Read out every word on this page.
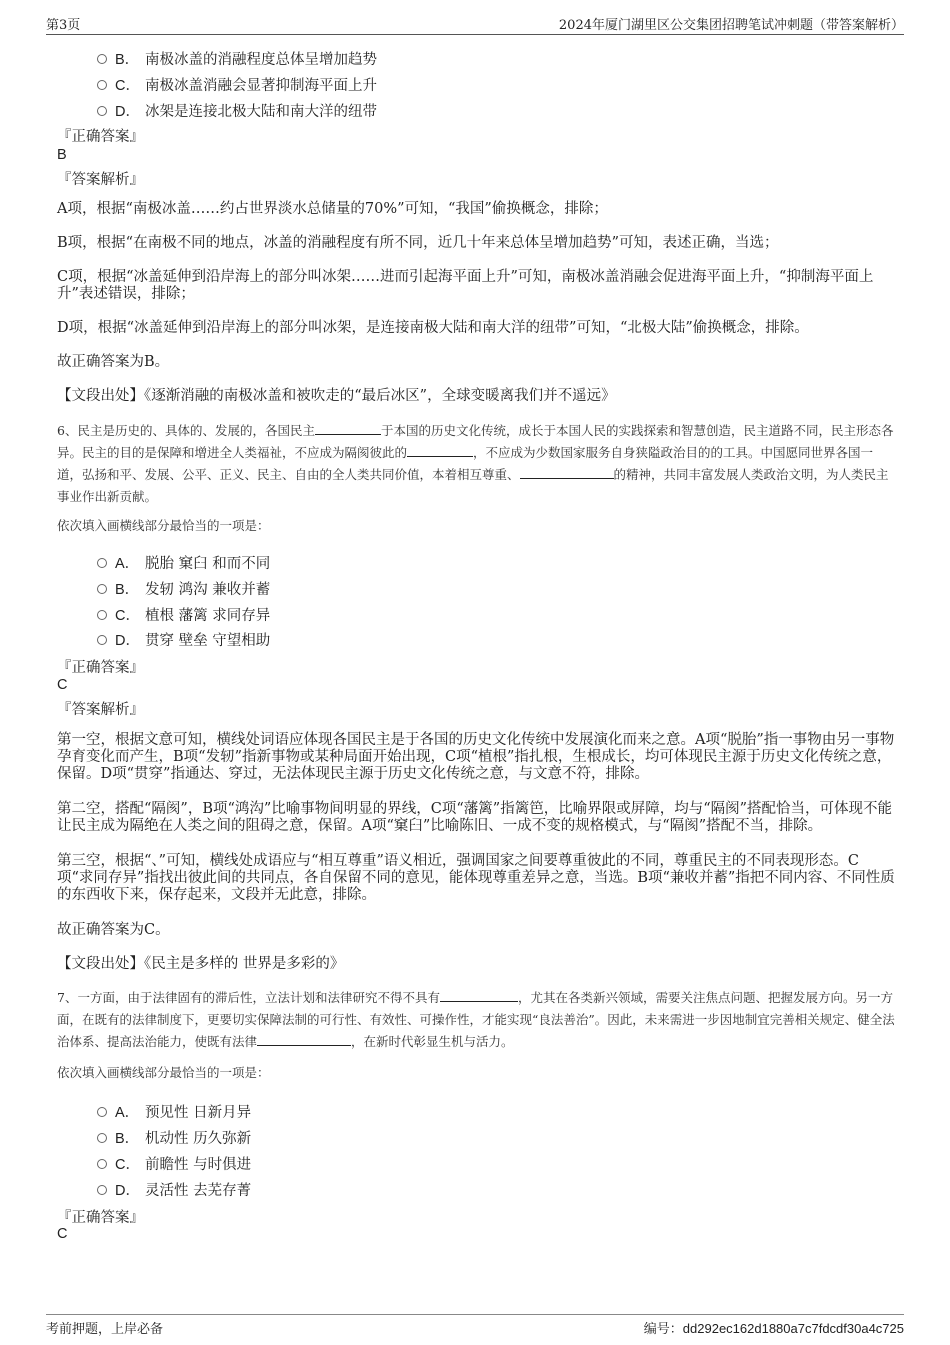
第3页	2024年厦门湖里区公交集团招聘笔试冲刺题（带答案解析）
B． 南极冰盖的消融程度总体呈增加趋势
C． 南极冰盖消融会显著抑制海平面上升
D． 冰架是连接北极大陆和南大洋的纽带
『正确答案』
B
『答案解析』
A项，根据“南极冰盖……约占世界淡水总储量的70%”可知，“我国”偷换概念，排除；
B项，根据“在南极不同的地点，冰盖的消融程度有所不同，近几十年来总体呈增加趋势”可知，表述正确，当选；
C项，根据“冰盖延伸到沿岸海上的部分叫冰架……进而引起海平面上升”可知，南极冰盖消融会促进海平面上升，“抑制海平面上升”表述错误，排除；
D项，根据“冰盖延伸到沿岸海上的部分叫冰架，是连接南极大陆和南大洋的纽带”可知，“北极大陆”偷换概念，排除。
故正确答案为B。
【文段出处】《逐渐消融的南极冰盖和被吹走的“最后冰区”，全球变暖离我们并不遥远》
6、民主是历史的、具体的、发展的，各国民主	于本国的历史文化传统，成长于本国人民的实践探索和智慧创造，民主道路不同，民主形态各异。民主的目的是保障和增进全人类福祉，不应成为隔阂彼此的	，不应成为少数国家服务自身狭隘政治目的的工具。中国愿同世界各国一道，弘扬和平、发展、公平、正义、民主、自由的全人类共同价值，本着相互尊重、	的精神，共同丰富发展人类政治文明，为人类民主事业作出新贡献。
依次填入画横线部分最恰当的一项是：
A． 脱胎 窠臼 和而不同
B． 发轫 鸿沟 兼收并蓄
C． 植根 藩篱 求同存异
D． 贯穿 壁垒 守望相助
『正确答案』
C
『答案解析』
第一空，根据文意可知，横线处词语应体现各国民主是于各国的历史文化传统中发展演化而来之意。A项“脱胎”指一事物由另一事物孕育变化而产生，B项“发轫”指新事物或某种局面开始出现，C项“植根”指扎根，生根成长，均可体现民主源于历史文化传统之意，保留。D项“贯穿”指通达、穿过，无法体现民主源于历史文化传统之意，与文意不符，排除。
第二空，搭配“隔阂”，B项“鸿沟”比喻事物间明显的界线，C项“藩篱”指篱笆，比喻界限或屏障，均与“隔阂”搭配恰当，可体现不能让民主成为隔绝在人类之间的阻碍之意，保留。A项“窠臼”比喻陈旧、一成不变的规格模式，与“隔阂”搭配不当，排除。
第三空，根据“、”可知，横线处成语应与“相互尊重”语义相近，强调国家之间要尊重彼此的不同，尊重民主的不同表现形态。C项“求同存异”指找出彼此间的共同点，各自保留不同的意见，能体现尊重差异之意，当选。B项“兼收并蓄”指把不同内容、不同性质的东西收下来，保存起来，文段并无此意，排除。
故正确答案为C。
【文段出处】《民主是多样的 世界是多彩的》
7、一方面，由于法律固有的滞后性，立法计划和法律研究不得不具有	，尤其在各类新兴领域，需要关注焦点问题、把握发展方向。另一方面，在既有的法律制度下，更要切实保障法制的可行性、有效性、可操作性，才能实现“良法善治”。因此，未来需进一步因地制宜完善相关规定、健全法治体系、提高法治能力，使既有法律	，在新时代彰显生机与活力。
依次填入画横线部分最恰当的一项是：
A． 预见性 日新月异
B． 机动性 历久弥新
C． 前瞻性 与时俱进
D． 灵活性 去芜存菁
『正确答案』
C
考前押题，上岸必备	编号：dd292ec162d1880a7c7fdcdf30a4c725
